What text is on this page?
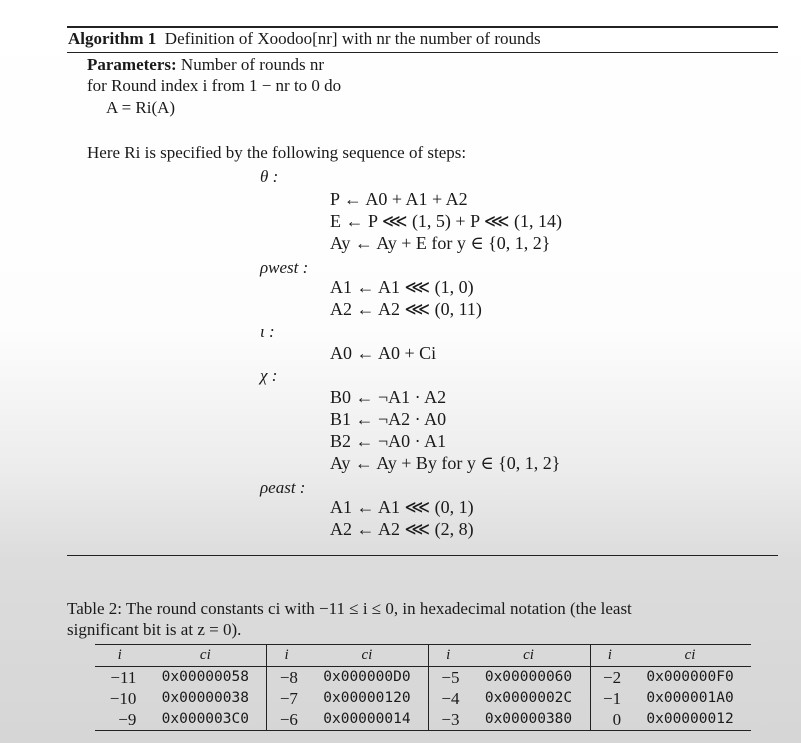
Algorithm 1 Definition of Xoodoo[nr] with nr the number of rounds
Parameters: Number of rounds nr
for Round index i from 1 − nr to 0 do
A = Ri(A)
Here Ri is specified by the following sequence of steps:
θ :
P ← A0 + A1 + A2
E ← P ⋘ (1, 5) + P ⋘ (1, 14)
Ay ← Ay + E for y ∈ {0, 1, 2}
ρwest :
A1 ← A1 ⋘ (1, 0)
A2 ← A2 ⋘ (0, 11)
ι :
A0 ← A0 + Ci
χ :
B0 ← ¬A1 · A2
B1 ← ¬A2 · A0
B2 ← ¬A0 · A1
Ay ← Ay + By for y ∈ {0, 1, 2}
ρeast :
A1 ← A1 ⋘ (0, 1)
A2 ← A2 ⋘ (2, 8)
Table 2: The round constants ci with −11 ≤ i ≤ 0, in hexadecimal notation (the least
significant bit is at z = 0).
i	ci	i	ci	i	ci	i	ci
−11	0x00000058	−8	0x000000D0	−5	0x00000060	−2	0x000000F0
−10	0x00000038	−7	0x00000120	−4	0x0000002C	−1	0x000001A0
−9	0x000003C0	−6	0x00000014	−3	0x00000380	0	0x00000012
